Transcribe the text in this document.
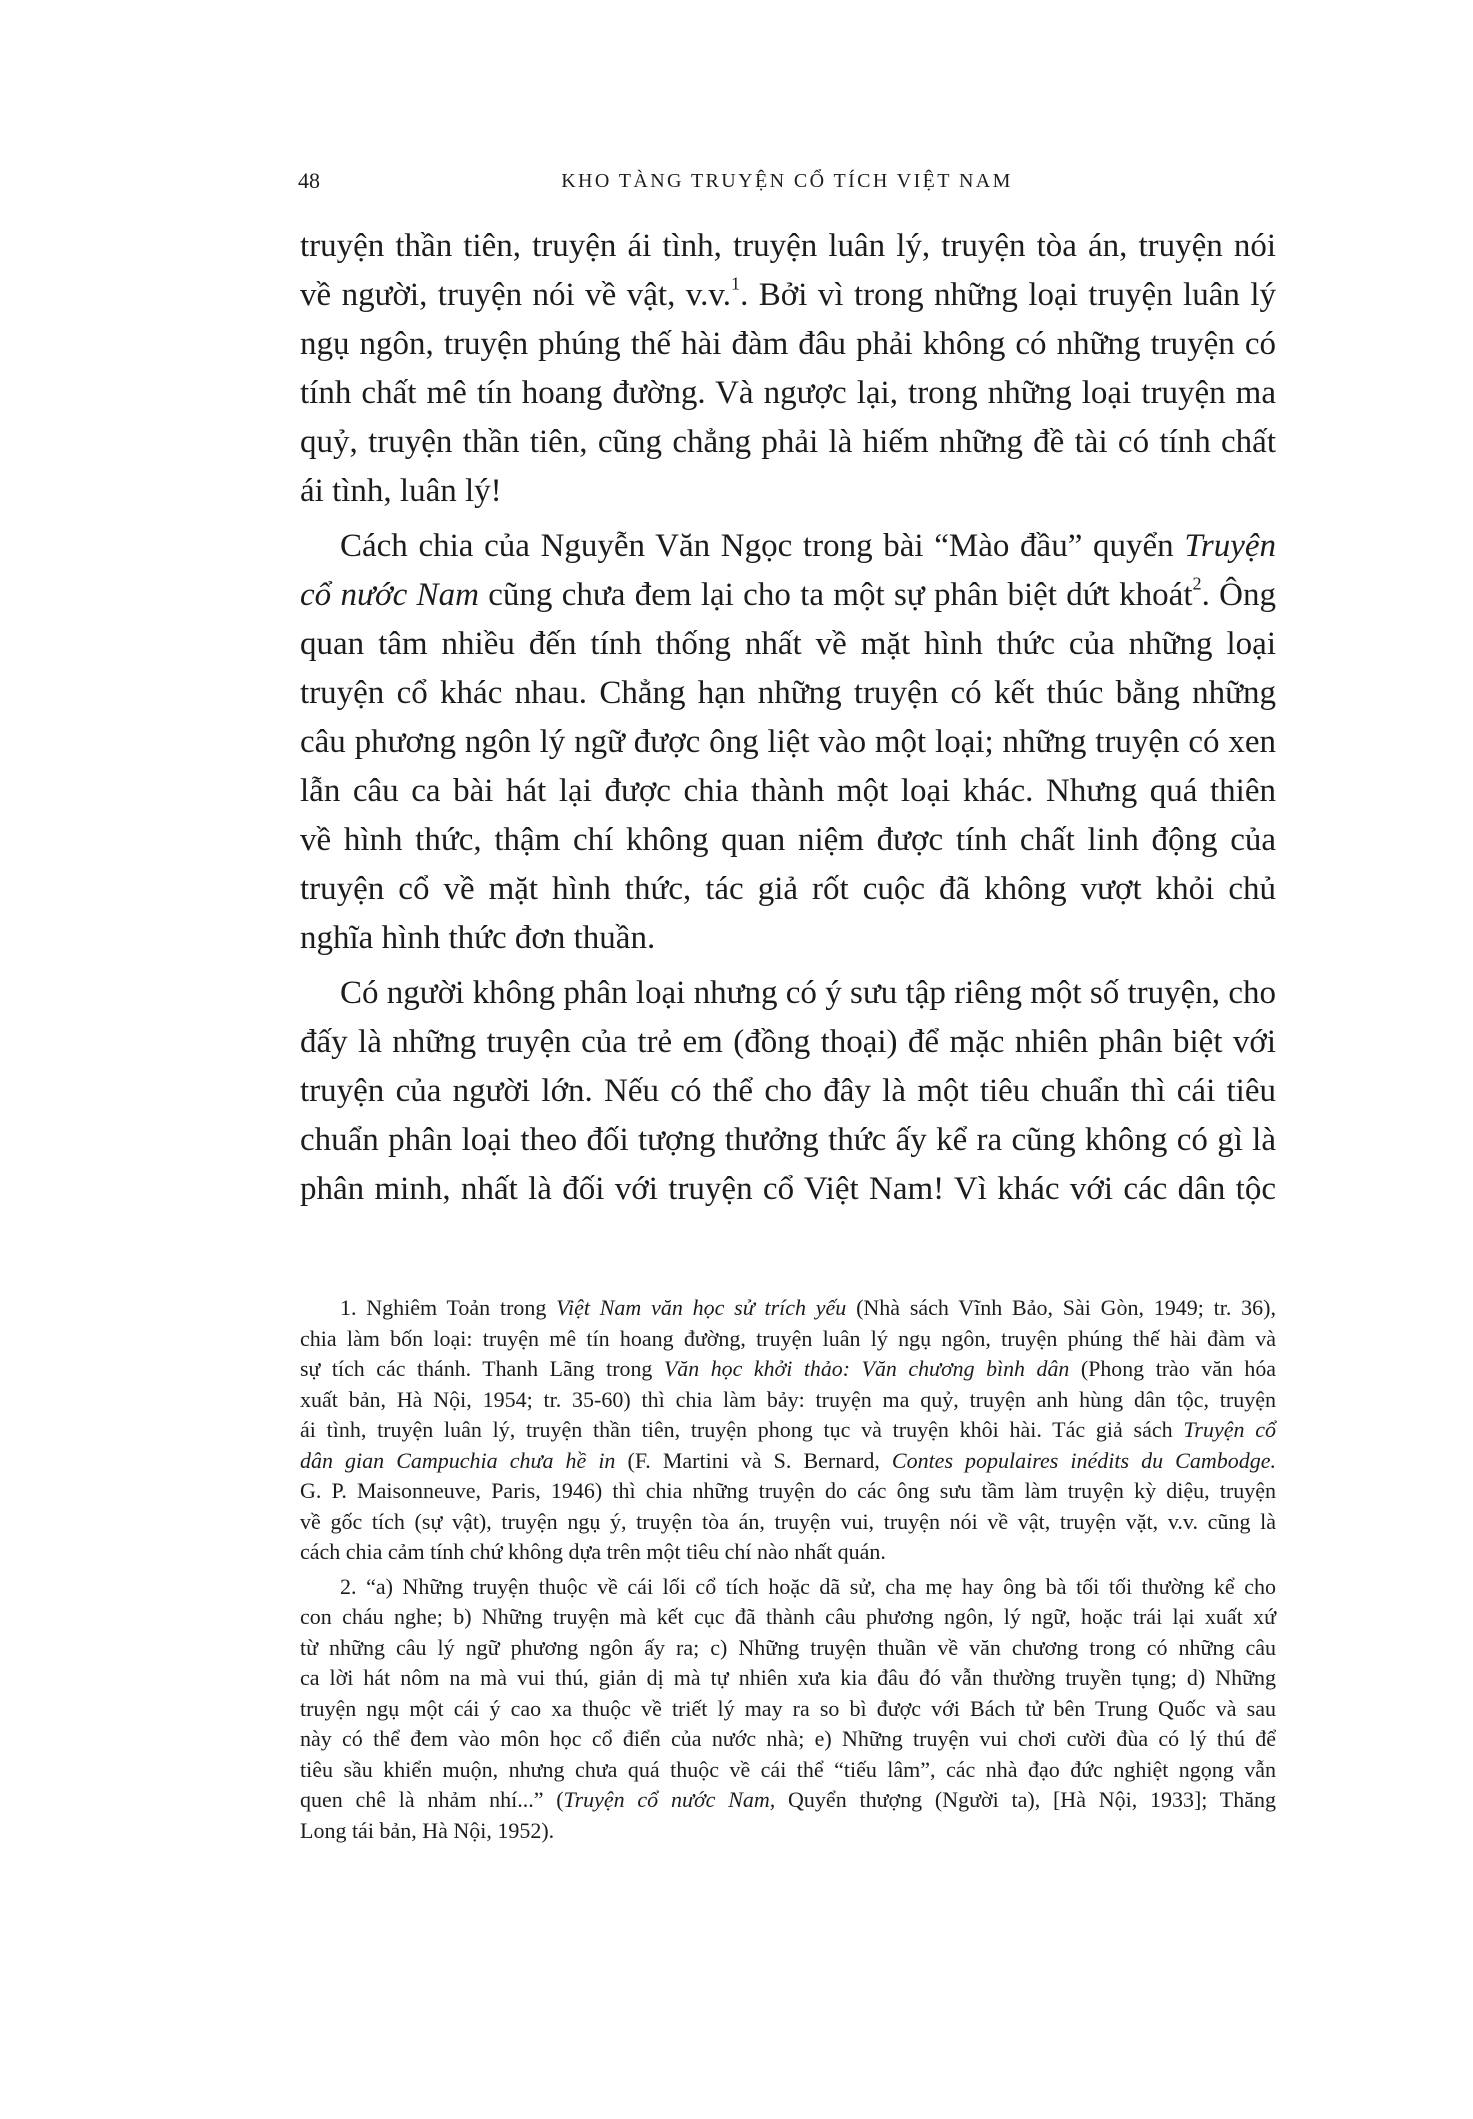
48	KHO TÀNG TRUYỆN CỔ TÍCH VIỆT NAM
truyện thần tiên, truyện ái tình, truyện luân lý, truyện tòa án, truyện nói
về người, truyện nói về vật, v.v.$^1$. Bởi vì trong những loại truyện luân lý
ngụ ngôn, truyện phúng thế hài đàm đâu phải không có những truyện có
tính chất mê tín hoang đường. Và ngược lại, trong những loại truyện ma
quỷ, truyện thần tiên, cũng chẳng phải là hiếm những đề tài có tính chất
ái tình, luân lý!
Cách chia của Nguyễn Văn Ngọc trong bài “Mào đầu” quyển Truyện
cổ nước Nam cũng chưa đem lại cho ta một sự phân biệt dứt khoát$^2$. Ông
quan tâm nhiều đến tính thống nhất về mặt hình thức của những loại
truyện cổ khác nhau. Chẳng hạn những truyện có kết thúc bằng những
câu phương ngôn lý ngữ được ông liệt vào một loại; những truyện có xen
lẫn câu ca bài hát lại được chia thành một loại khác. Nhưng quá thiên
về hình thức, thậm chí không quan niệm được tính chất linh động của
truyện cổ về mặt hình thức, tác giả rốt cuộc đã không vượt khỏi chủ
nghĩa hình thức đơn thuần.
Có người không phân loại nhưng có ý sưu tập riêng một số truyện, cho
đấy là những truyện của trẻ em (đồng thoại) để mặc nhiên phân biệt với
truyện của người lớn. Nếu có thể cho đây là một tiêu chuẩn thì cái tiêu
chuẩn phân loại theo đối tượng thưởng thức ấy kể ra cũng không có gì là
phân minh, nhất là đối với truyện cổ Việt Nam! Vì khác với các dân tộc
1. Nghiêm Toản trong Việt Nam văn học sử trích yếu (Nhà sách Vĩnh Bảo, Sài Gòn, 1949; tr. 36),
chia làm bốn loại: truyện mê tín hoang đường, truyện luân lý ngụ ngôn, truyện phúng thế hài đàm và
sự tích các thánh. Thanh Lãng trong Văn học khởi thảo: Văn chương bình dân (Phong trào văn hóa
xuất bản, Hà Nội, 1954; tr. 35-60) thì chia làm bảy: truyện ma quỷ, truyện anh hùng dân tộc, truyện
ái tình, truyện luân lý, truyện thần tiên, truyện phong tục và truyện khôi hài. Tác giả sách Truyện cổ
dân gian Campuchia chưa hề in (F. Martini và S. Bernard, Contes populaires inédits du Cambodge.
G. P. Maisonneuve, Paris, 1946) thì chia những truyện do các ông sưu tầm làm truyện kỳ diệu, truyện
về gốc tích (sự vật), truyện ngụ ý, truyện tòa án, truyện vui, truyện nói về vật, truyện vặt, v.v. cũng là
cách chia cảm tính chứ không dựa trên một tiêu chí nào nhất quán.
2. “a) Những truyện thuộc về cái lối cổ tích hoặc dã sử, cha mẹ hay ông bà tối tối thường kể cho
con cháu nghe; b) Những truyện mà kết cục đã thành câu phương ngôn, lý ngữ, hoặc trái lại xuất xứ
từ những câu lý ngữ phương ngôn ấy ra; c) Những truyện thuần về văn chương trong có những câu
ca lời hát nôm na mà vui thú, giản dị mà tự nhiên xưa kia đâu đó vẫn thường truyền tụng; d) Những
truyện ngụ một cái ý cao xa thuộc về triết lý may ra so bì được với Bách tử bên Trung Quốc và sau
này có thể đem vào môn học cổ điển của nước nhà; e) Những truyện vui chơi cười đùa có lý thú để
tiêu sầu khiển muộn, nhưng chưa quá thuộc về cái thể “tiếu lâm”, các nhà đạo đức nghiệt ngọng vẫn
quen chê là nhảm nhí...” (Truyện cổ nước Nam, Quyển thượng (Người ta), [Hà Nội, 1933]; Thăng
Long tái bản, Hà Nội, 1952).
